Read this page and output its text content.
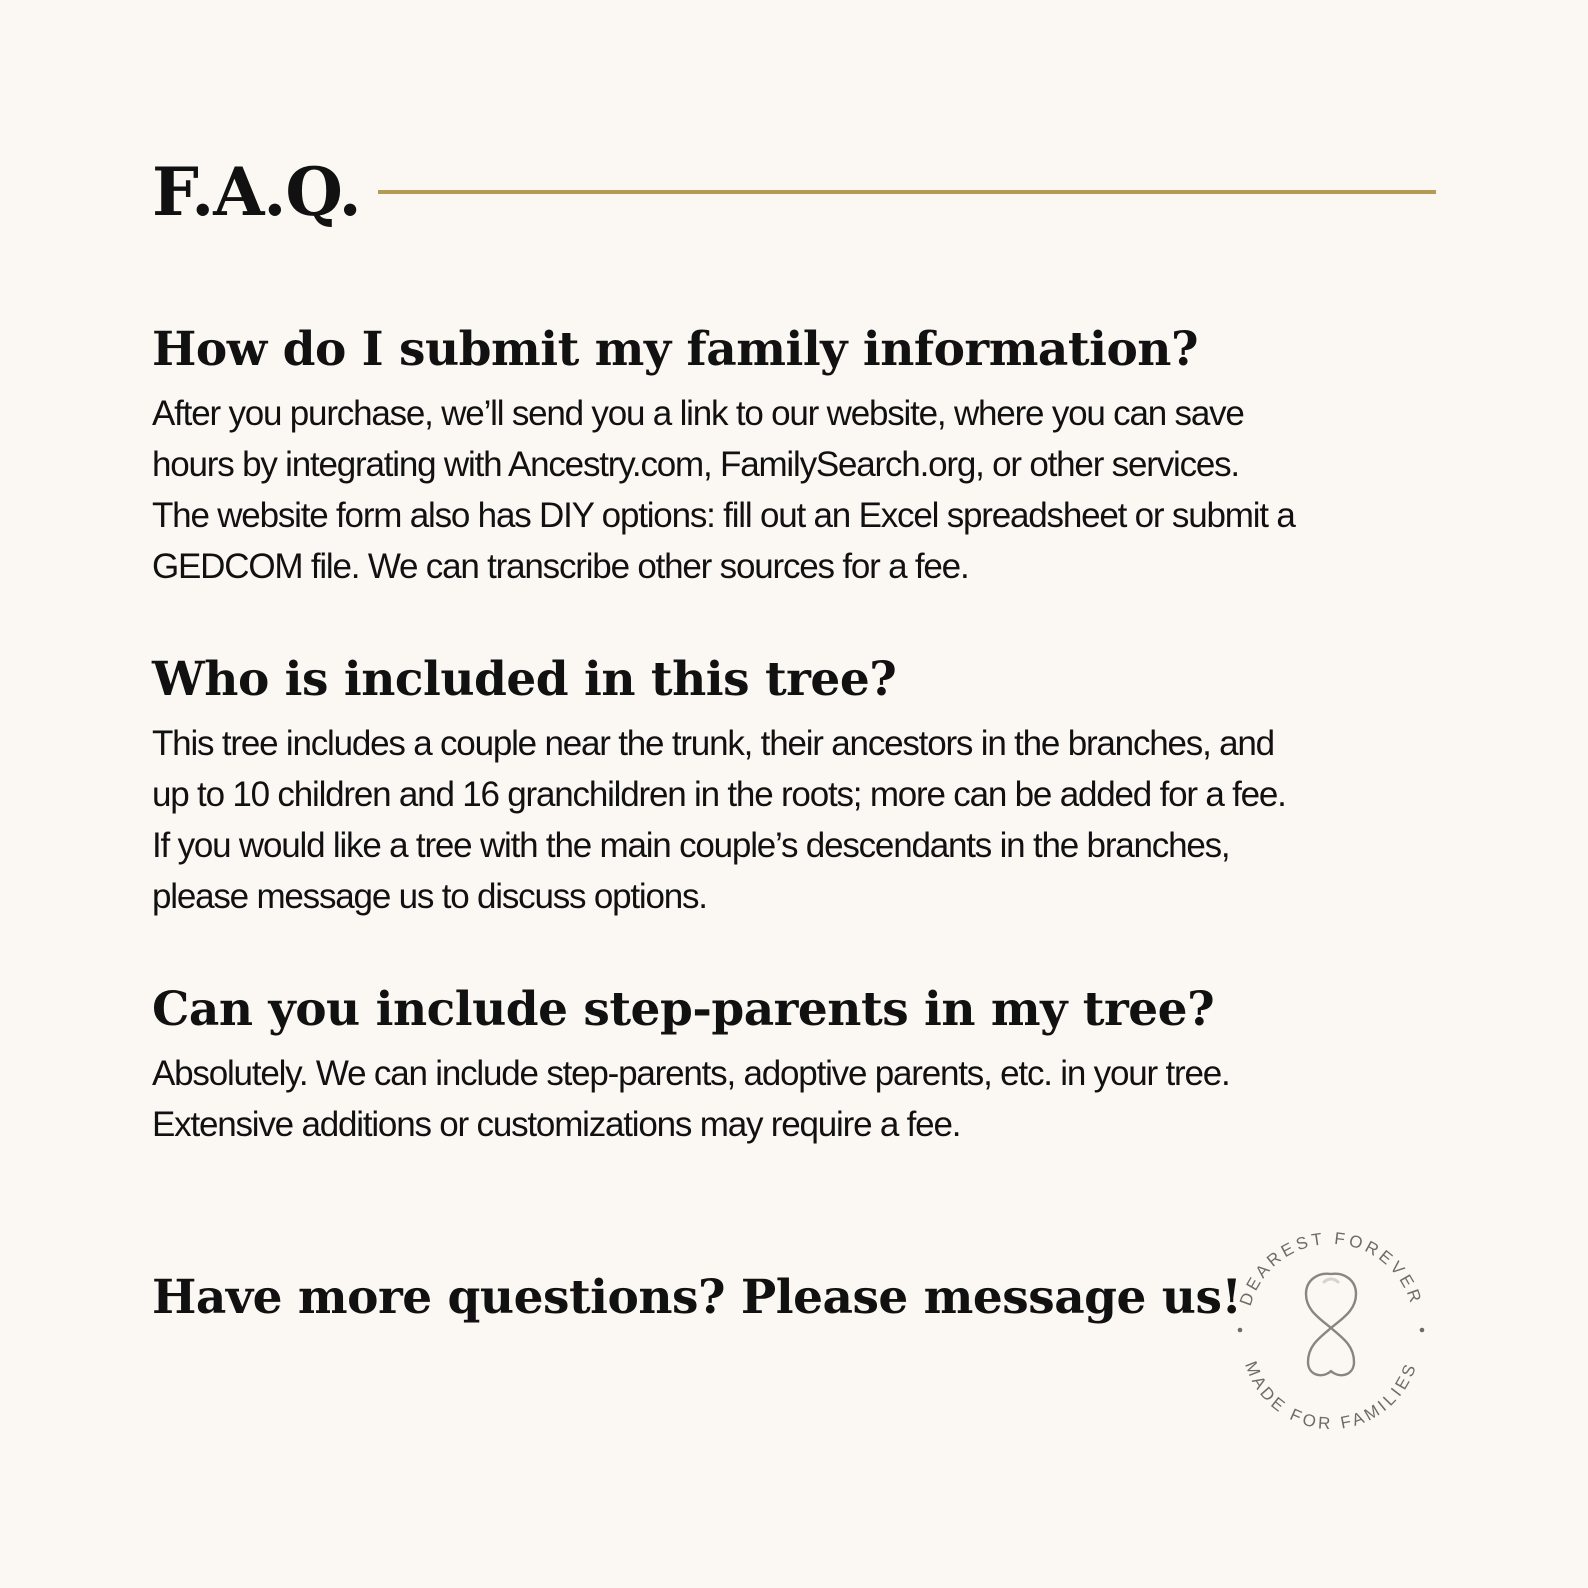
F.A.Q.
How do I submit my family information?

After you purchase, we’ll send you a link to our website, where you can save
hours by integrating with Ancestry.com, FamilySearch.org, or other services.
The website form also has DIY options: fill out an Excel spreadsheet or submit a
GEDCOM file. We can transcribe other sources for a fee.

Who is included in this tree?

This tree includes a couple near the trunk, their ancestors in the branches, and
up to 10 children and 16 granchildren in the roots; more can be added for a fee.
If you would like a tree with the main couple’s descendants in the branches,
please message us to discuss options.

Can you include step-parents in my tree?

Absolutely. We can include step-parents, adoptive parents, etc. in your tree.
Extensive additions or customizations may require a fee.

Have more questions? Please message us!
DEAREST FOREVER
MADE FOR FAMILIES
